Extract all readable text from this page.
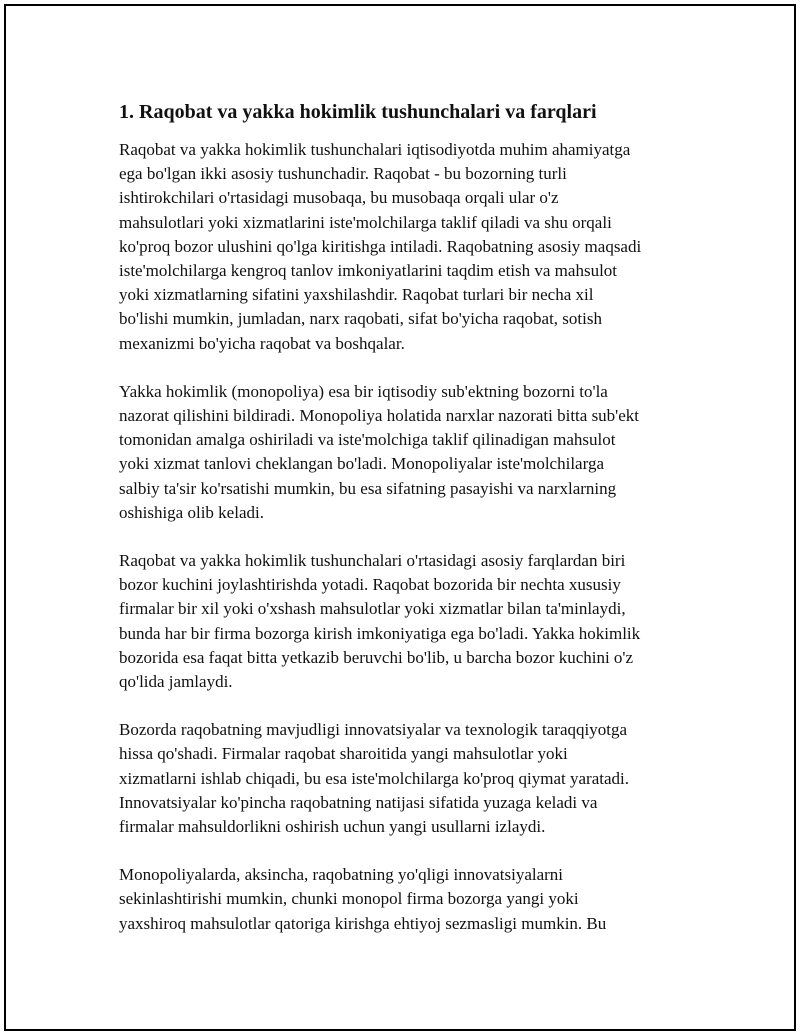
1. Raqobat va yakka hokimlik tushunchalari va farqlari

Raqobat va yakka hokimlik tushunchalari iqtisodiyotda muhim ahamiyatga
ega bo'lgan ikki asosiy tushunchadir. Raqobat - bu bozorning turli
ishtirokchilari o'rtasidagi musobaqa, bu musobaqa orqali ular o'z
mahsulotlari yoki xizmatlarini iste'molchilarga taklif qiladi va shu orqali
ko'proq bozor ulushini qo'lga kiritishga intiladi. Raqobatning asosiy maqsadi
iste'molchilarga kengroq tanlov imkoniyatlarini taqdim etish va mahsulot
yoki xizmatlarning sifatini yaxshilashdir. Raqobat turlari bir necha xil
bo'lishi mumkin, jumladan, narx raqobati, sifat bo'yicha raqobat, sotish
mexanizmi bo'yicha raqobat va boshqalar.

Yakka hokimlik (monopoliya) esa bir iqtisodiy sub'ektning bozorni to'la
nazorat qilishini bildiradi. Monopoliya holatida narxlar nazorati bitta sub'ekt
tomonidan amalga oshiriladi va iste'molchiga taklif qilinadigan mahsulot
yoki xizmat tanlovi cheklangan bo'ladi. Monopoliyalar iste'molchilarga
salbiy ta'sir ko'rsatishi mumkin, bu esa sifatning pasayishi va narxlarning
oshishiga olib keladi.

Raqobat va yakka hokimlik tushunchalari o'rtasidagi asosiy farqlardan biri
bozor kuchini joylashtirishda yotadi. Raqobat bozorida bir nechta xususiy
firmalar bir xil yoki o'xshash mahsulotlar yoki xizmatlar bilan ta'minlaydi,
bunda har bir firma bozorga kirish imkoniyatiga ega bo'ladi. Yakka hokimlik
bozorida esa faqat bitta yetkazib beruvchi bo'lib, u barcha bozor kuchini o'z
qo'lida jamlaydi.

Bozorda raqobatning mavjudligi innovatsiyalar va texnologik taraqqiyotga
hissa qo'shadi. Firmalar raqobat sharoitida yangi mahsulotlar yoki
xizmatlarni ishlab chiqadi, bu esa iste'molchilarga ko'proq qiymat yaratadi.
Innovatsiyalar ko'pincha raqobatning natijasi sifatida yuzaga keladi va
firmalar mahsuldorlikni oshirish uchun yangi usullarni izlaydi.

Monopoliyalarda, aksincha, raqobatning yo'qligi innovatsiyalarni
sekinlashtirishi mumkin, chunki monopol firma bozorga yangi yoki
yaxshiroq mahsulotlar qatoriga kirishga ehtiyoj sezmasligi mumkin. Bu
